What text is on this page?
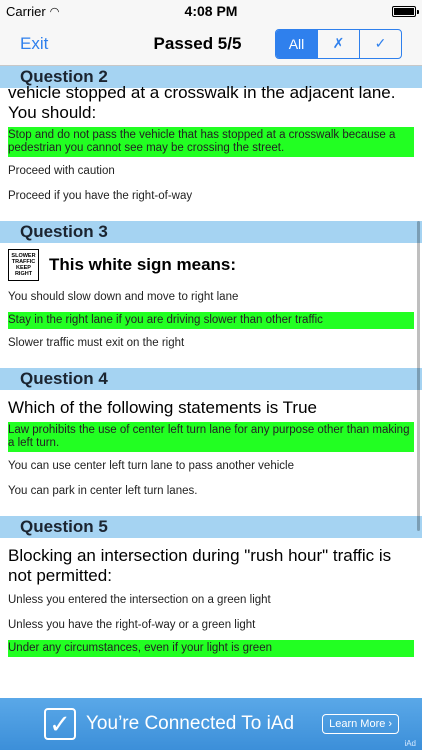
Carrier ◠	4:08 PM
Exit	Passed 5/5	All	✗	✓
Question 2
vehicle stopped at a crosswalk in the adjacent lane. You should:
Stop and do not pass the vehicle that has stopped at a crosswalk because a pedestrian you cannot see may be crossing the street.
Proceed with caution
Proceed if you have the right-of-way
Question 3
SLOWER
TRAFFIC
KEEP
RIGHT This white sign means:
You should slow down and move to right lane
Stay in the right lane if you are driving slower than other traffic
Slower traffic must exit on the right
Question 4
Which of the following statements is True
Law prohibits the use of center left turn lane for any purpose other than making a left turn.
You can use center left turn lane to pass another vehicle
You can park in center left turn lanes.
Question 5
Blocking an intersection during "rush hour" traffic is not permitted:
Unless you entered the intersection on a green light
Unless you have the right-of-way or a green light
Under any circumstances, even if your light is green
✓ You’re Connected To iAd	Learn More ›
iAd
